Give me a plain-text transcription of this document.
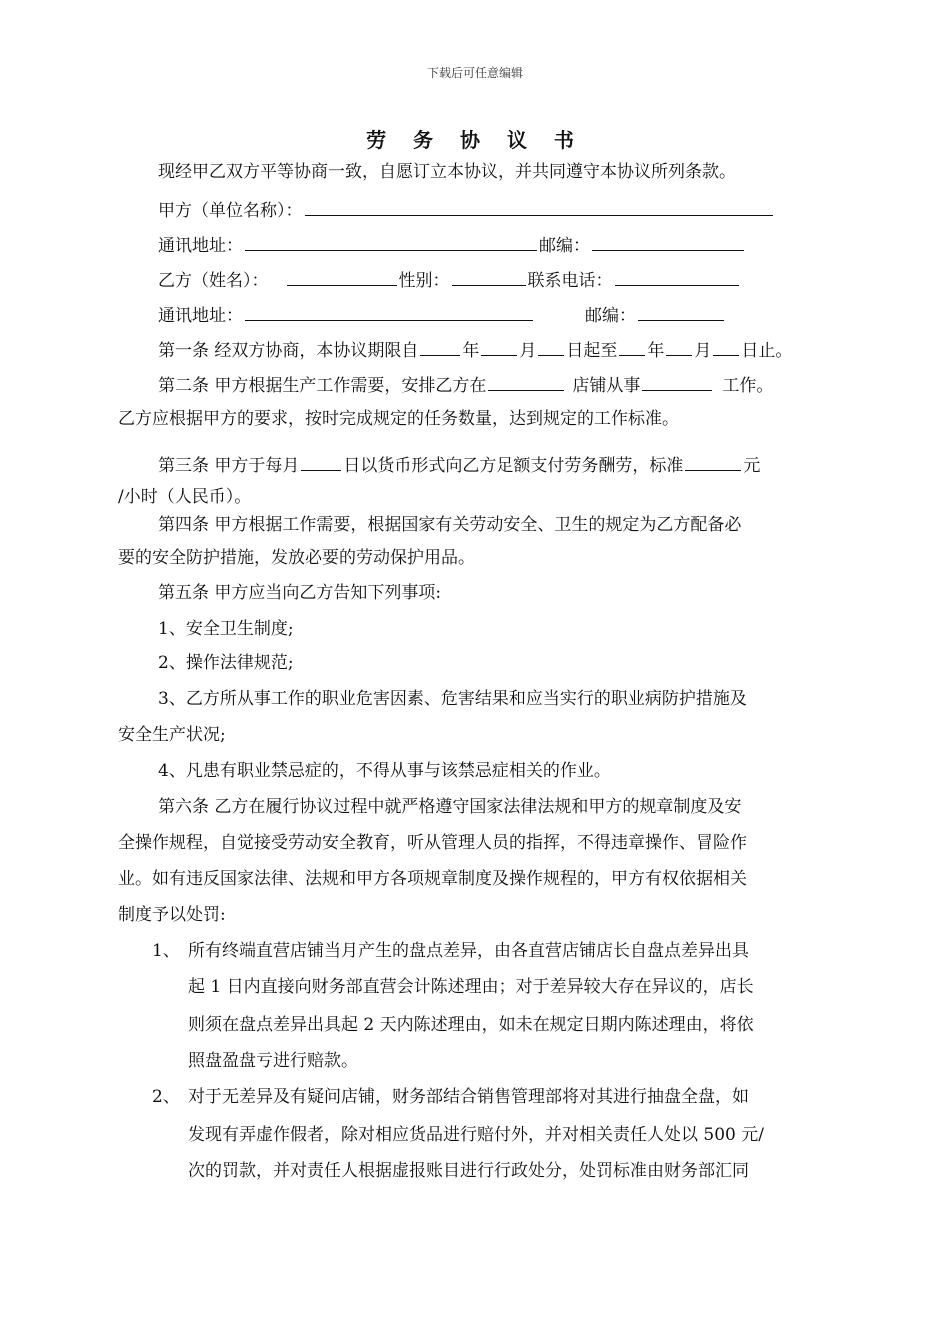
下载后可任意编辑
劳 务 协 议 书
现经甲乙双方平等协商一致，自愿订立本协议，并共同遵守本协议所列条款。
甲方（单位名称）：
通讯地址：	邮编：
乙方（姓名）：	性别：	联系电话：
通讯地址：	邮编：
第一条 经双方协商，本协议期限自	年 月 日起至 年 月 日止。
第二条 甲方根据生产工作需要，安排乙方在	店铺从事	工作。
乙方应根据甲方的要求，按时完成规定的任务数量，达到规定的工作标准。
第三条 甲方于每月	日以货币形式向乙方足额支付劳务酬劳，标准	元
/小时（人民币）。
第四条 甲方根据工作需要，根据国家有关劳动安全、卫生的规定为乙方配备必
要的安全防护措施，发放必要的劳动保护用品。
第五条 甲方应当向乙方告知下列事项:
1、安全卫生制度;
2、操作法律规范;
3、乙方所从事工作的职业危害因素、危害结果和应当实行的职业病防护措施及
安全生产状况;
4、凡患有职业禁忌症的，不得从事与该禁忌症相关的作业。
第六条 乙方在履行协议过程中就严格遵守国家法律法规和甲方的规章制度及安
全操作规程，自觉接受劳动安全教育，听从管理人员的指挥，不得违章操作、冒险作
业。如有违反国家法律、法规和甲方各项规章制度及操作规程的，甲方有权依据相关
制度予以处罚:
1、 所有终端直营店铺当月产生的盘点差异，由各直营店铺店长自盘点差异出具
起 1 日内直接向财务部直营会计陈述理由；对于差异较大存在异议的，店长
则须在盘点差异出具起 2 天内陈述理由，如未在规定日期内陈述理由，将依
照盘盈盘亏进行赔款。
2、 对于无差异及有疑问店铺，财务部结合销售管理部将对其进行抽盘全盘，如
发现有弄虚作假者，除对相应货品进行赔付外，并对相关责任人处以 500 元/
次的罚款，并对责任人根据虚报账目进行行政处分，处罚标准由财务部汇同
